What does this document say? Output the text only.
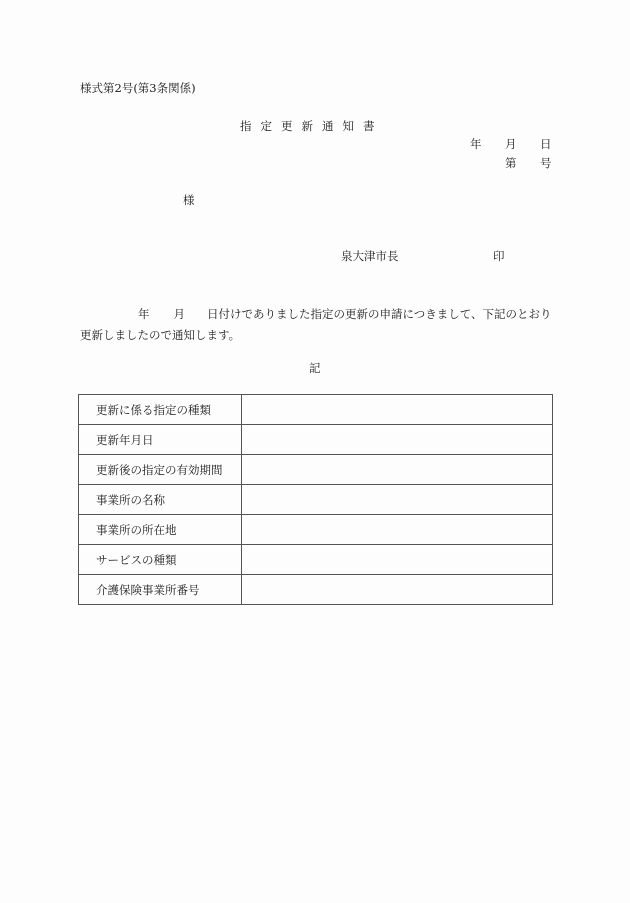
様式第2号(第3条関係)
指定更新通知書
年 月 日
第 号
様
泉大津市長	印
年 月 日付けでありました指定の更新の申請につきまして、下記のとおり更新しましたので通知します。
記
更新に係る指定の種類	
更新年月日	
更新後の指定の有効期間	
事業所の名称	
事業所の所在地	
サービスの種類	
介護保険事業所番号	
